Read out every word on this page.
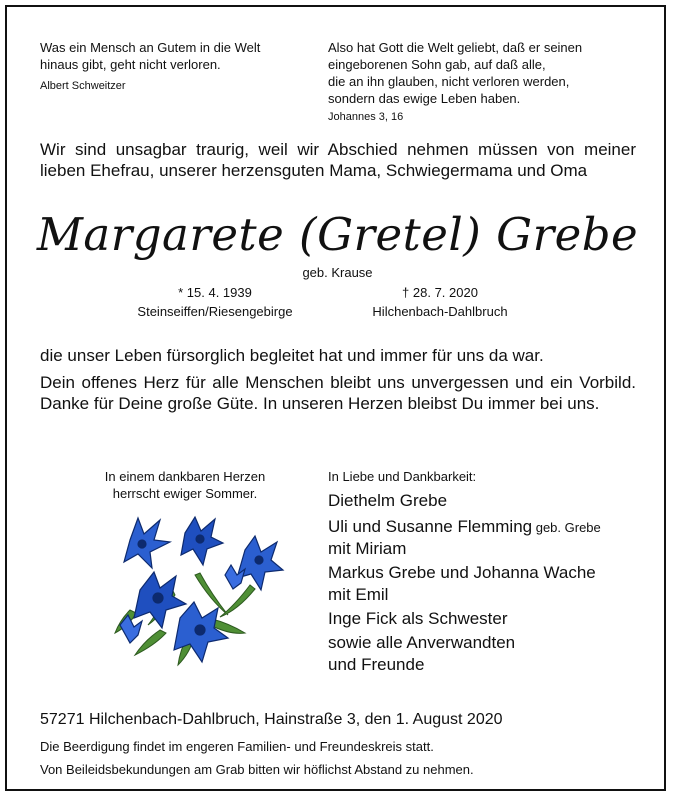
Was ein Mensch an Gutem in die Welt
hinaus gibt, geht nicht verloren.
Albert Schweitzer
Also hat Gott die Welt geliebt, daß er seinen
eingeborenen Sohn gab, auf daß alle,
die an ihn glauben, nicht verloren werden,
sondern das ewige Leben haben.
Johannes 3, 16
Wir sind unsagbar traurig, weil wir Abschied nehmen müssen von meiner lieben Ehefrau, unserer herzensguten Mama, Schwiegermama und Oma
Margarete (Gretel) Grebe
geb. Krause
* 15. 4. 1939
Steinseiffen/Riesengebirge
† 28. 7. 2020
Hilchenbach-Dahlbruch
die unser Leben fürsorglich begleitet hat und immer für uns da war.
Dein offenes Herz für alle Menschen bleibt uns unvergessen und ein Vorbild. Danke für Deine große Güte. In unseren Herzen bleibst Du immer bei uns.
In einem dankbaren Herzen
herrscht ewiger Sommer.
In Liebe und Dankbarkeit:
Diethelm Grebe
Uli und Susanne Flemming geb. Grebe
mit Miriam
Markus Grebe und Johanna Wache
mit Emil
Inge Fick als Schwester
sowie alle Anverwandten
und Freunde
57271 Hilchenbach-Dahlbruch, Hainstraße 3, den 1. August 2020
Die Beerdigung findet im engeren Familien- und Freundeskreis statt.
Von Beileidsbekundungen am Grab bitten wir höflichst Abstand zu nehmen.
